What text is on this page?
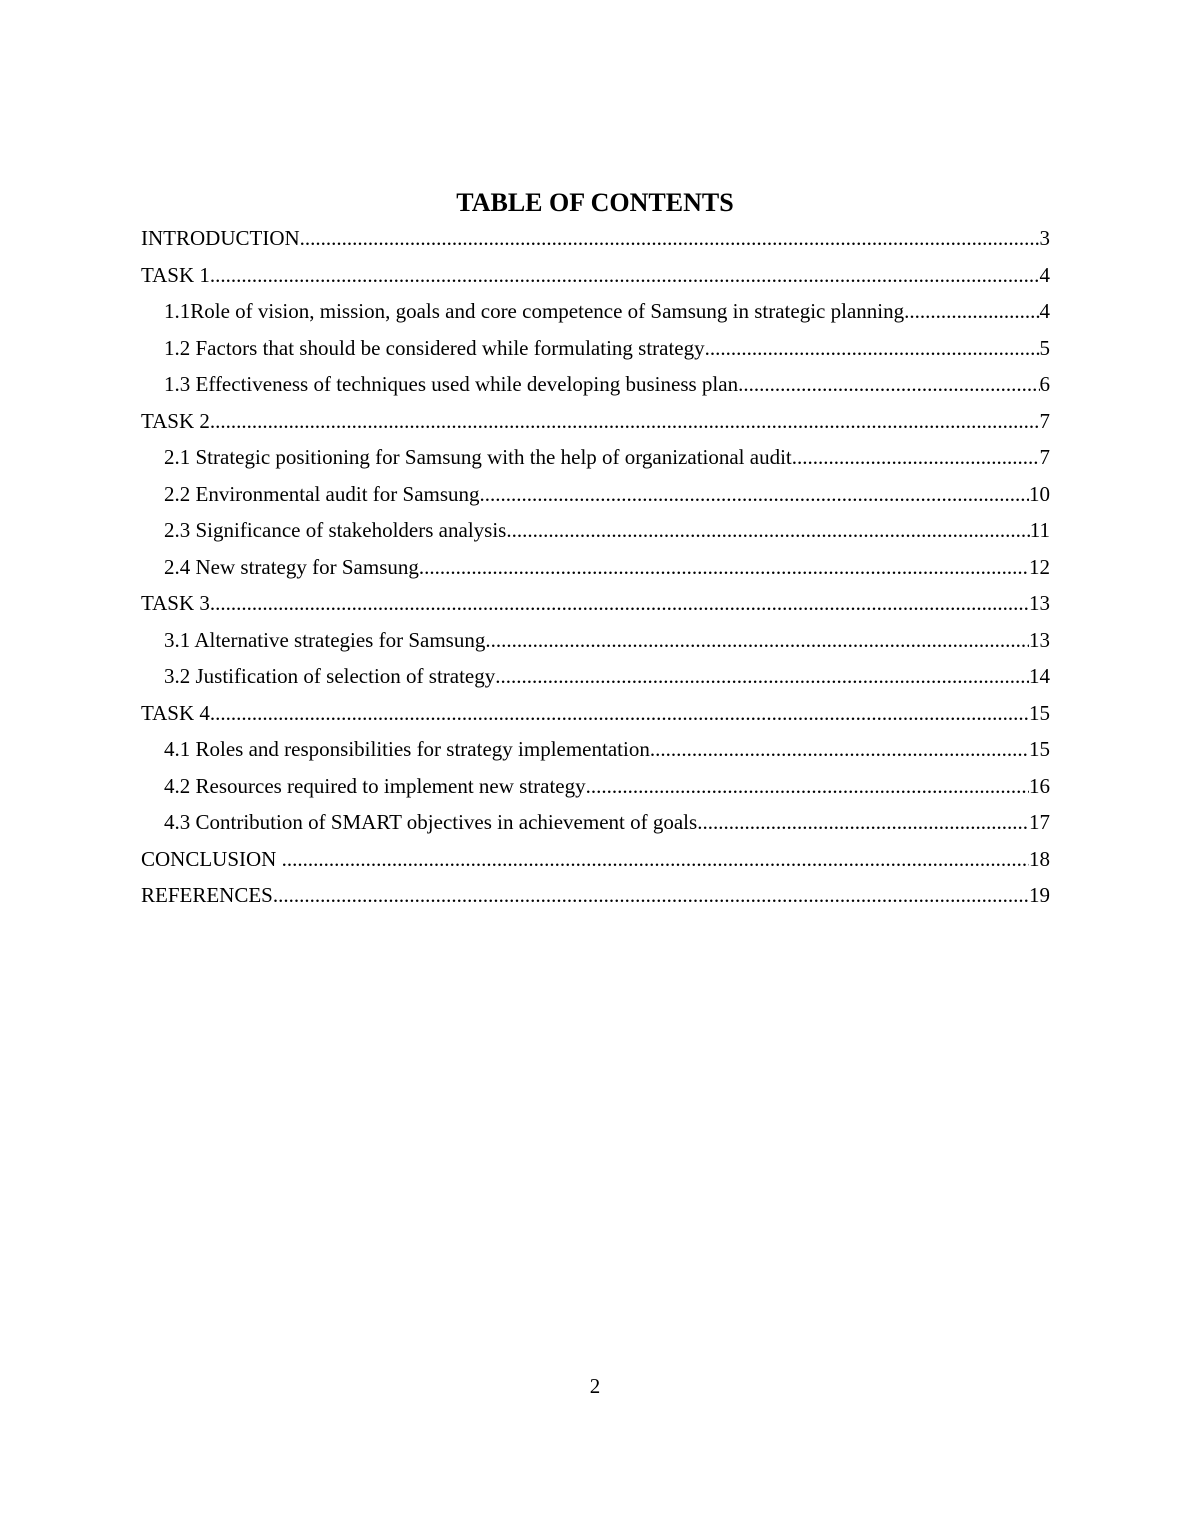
TABLE OF CONTENTS
INTRODUCTION .....	3
TASK 1 .....	4
1.1Role of vision, mission, goals and core competence of Samsung in strategic planning .....	4
1.2 Factors that should be considered while formulating strategy .....	5
1.3 Effectiveness of techniques used while developing business plan .....	6
TASK 2 .....	7
2.1 Strategic positioning for Samsung with the help of organizational audit .....	7
2.2 Environmental audit for Samsung .....	10
2.3 Significance of stakeholders analysis .....	11
2.4 New strategy for Samsung .....	12
TASK 3 .....	13
3.1 Alternative strategies for Samsung .....	13
3.2 Justification of selection of strategy .....	14
TASK 4 .....	15
4.1 Roles and responsibilities for strategy implementation .....	15
4.2 Resources required to implement new strategy .....	16
4.3 Contribution of SMART objectives in achievement of goals .....	17
CONCLUSION .....	18
REFERENCES .....	19
2
